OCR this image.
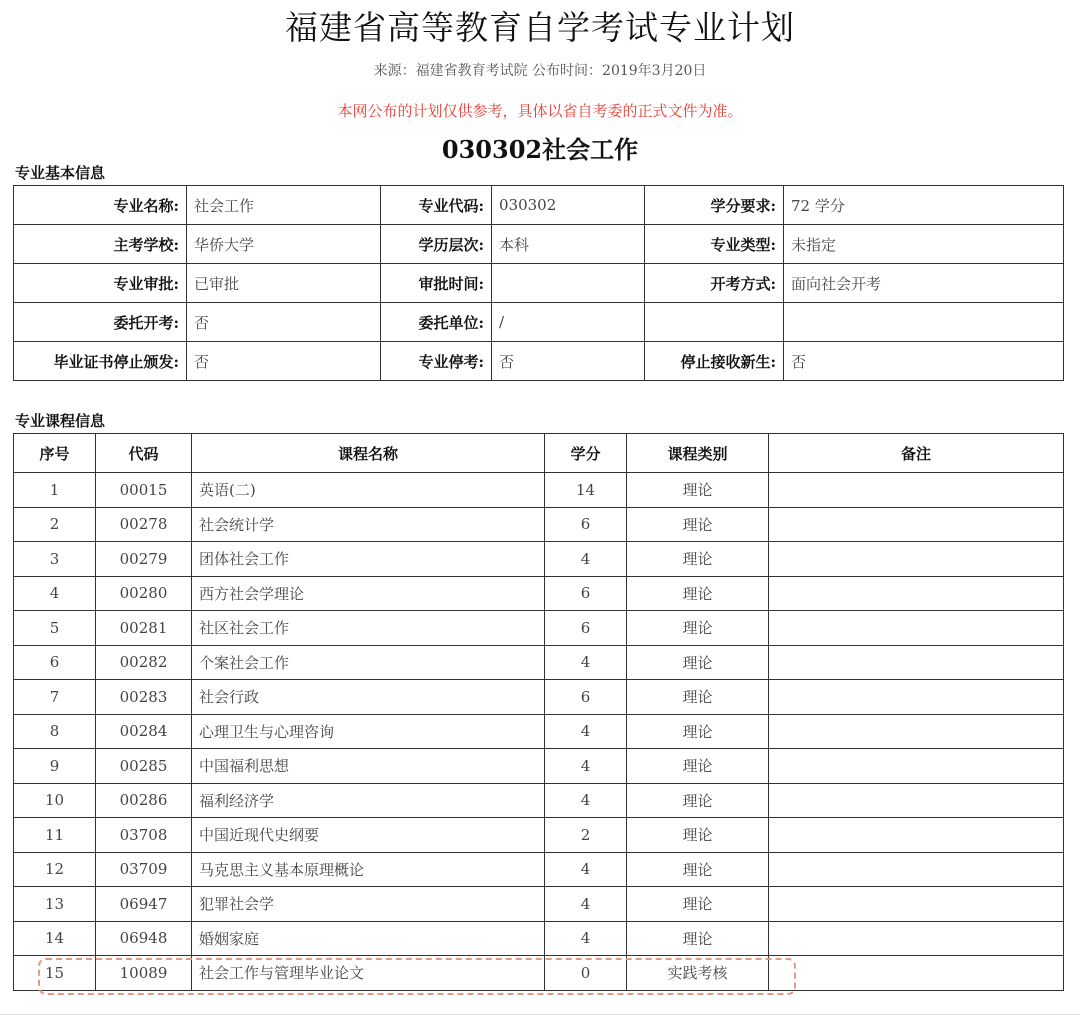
福建省高等教育自学考试专业计划
来源：福建省教育考试院 公布时间：2019年3月20日
本网公布的计划仅供参考，具体以省自考委的正式文件为准。
030302社会工作
专业基本信息
专业名称:	社会工作	专业代码:	030302	学分要求:	72 学分
主考学校:	华侨大学	学历层次:	本科	专业类型:	未指定
专业审批:	已审批	审批时间:		开考方式:	面向社会开考
委托开考:	否	委托单位:	/		
毕业证书停止颁发:	否	专业停考:	否	停止接收新生:	否
专业课程信息
序号	代码	课程名称	学分	课程类别	备注
1	00015	英语(二)	14	理论	
2	00278	社会统计学	6	理论	
3	00279	团体社会工作	4	理论	
4	00280	西方社会学理论	6	理论	
5	00281	社区社会工作	6	理论	
6	00282	个案社会工作	4	理论	
7	00283	社会行政	6	理论	
8	00284	心理卫生与心理咨询	4	理论	
9	00285	中国福利思想	4	理论	
10	00286	福利经济学	4	理论	
11	03708	中国近现代史纲要	2	理论	
12	03709	马克思主义基本原理概论	4	理论	
13	06947	犯罪社会学	4	理论	
14	06948	婚姻家庭	4	理论	
15	10089	社会工作与管理毕业论文	0	实践考核	
